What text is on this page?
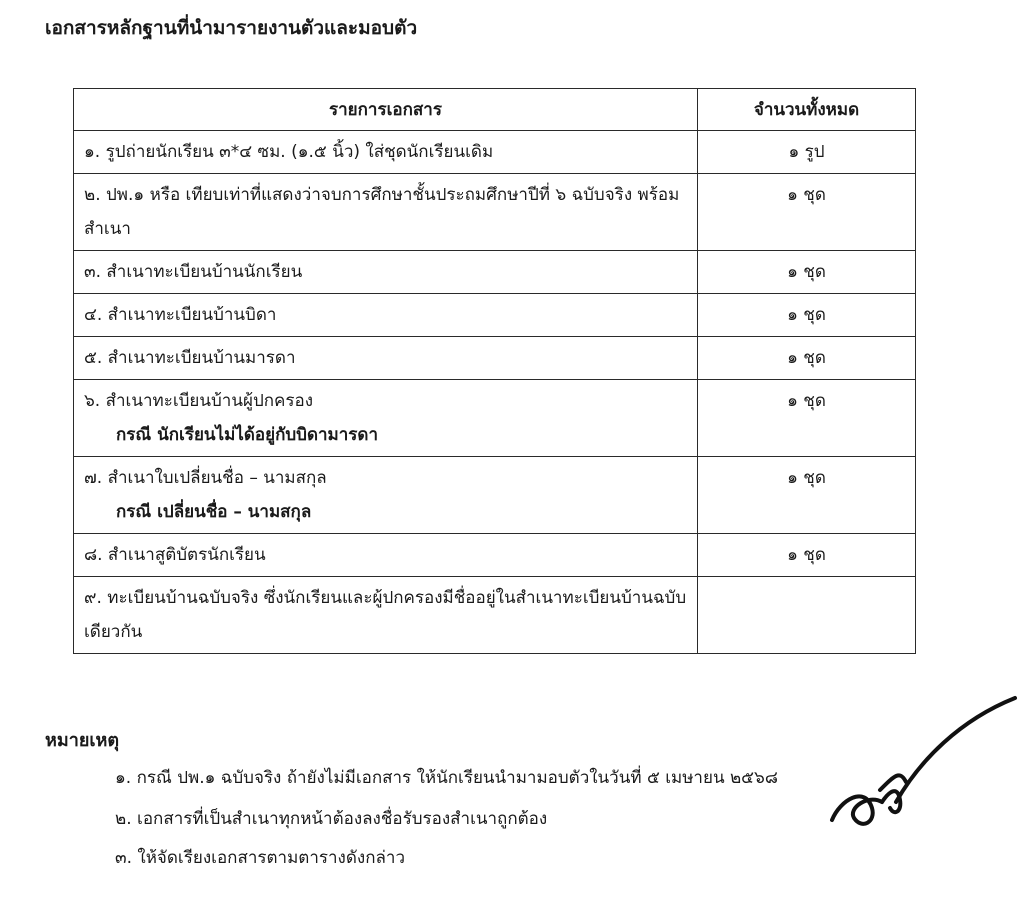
เอกสารหลักฐานที่นำมารายงานตัวและมอบตัว
รายการเอกสาร	จำนวนทั้งหมด

๑. รูปถ่ายนักเรียน ๓*๔ ซม. (๑.๕ นิ้ว) ใส่ชุดนักเรียนเดิม	๑ รูป

๒. ปพ.๑ หรือ เทียบเท่าที่แสดงว่าจบการศึกษาชั้นประถมศึกษาปีที่ ๖ ฉบับจริง พร้อมสำเนา	๑ ชุด

๓. สำเนาทะเบียนบ้านนักเรียน	๑ ชุด

๔. สำเนาทะเบียนบ้านบิดา	๑ ชุด

๕. สำเนาทะเบียนบ้านมารดา	๑ ชุด

๖. สำเนาทะเบียนบ้านผู้ปกครอง
กรณี นักเรียนไม่ได้อยู่กับบิดามารดา	๑ ชุด

๗. สำเนาใบเปลี่ยนชื่อ – นามสกุล
กรณี เปลี่ยนชื่อ – นามสกุล	๑ ชุด

๘. สำเนาสูติบัตรนักเรียน	๑ ชุด

๙. ทะเบียนบ้านฉบับจริง ซึ่งนักเรียนและผู้ปกครองมีชื่ออยู่ในสำเนาทะเบียนบ้านฉบับเดียวกัน	

หมายเหตุ
๑. กรณี ปพ.๑ ฉบับจริง ถ้ายังไม่มีเอกสาร ให้นักเรียนนำมามอบตัวในวันที่ ๕ เมษายน ๒๕๖๘
๒. เอกสารที่เป็นสำเนาทุกหน้าต้องลงชื่อรับรองสำเนาถูกต้อง
๓. ให้จัดเรียงเอกสารตามตารางดังกล่าว
